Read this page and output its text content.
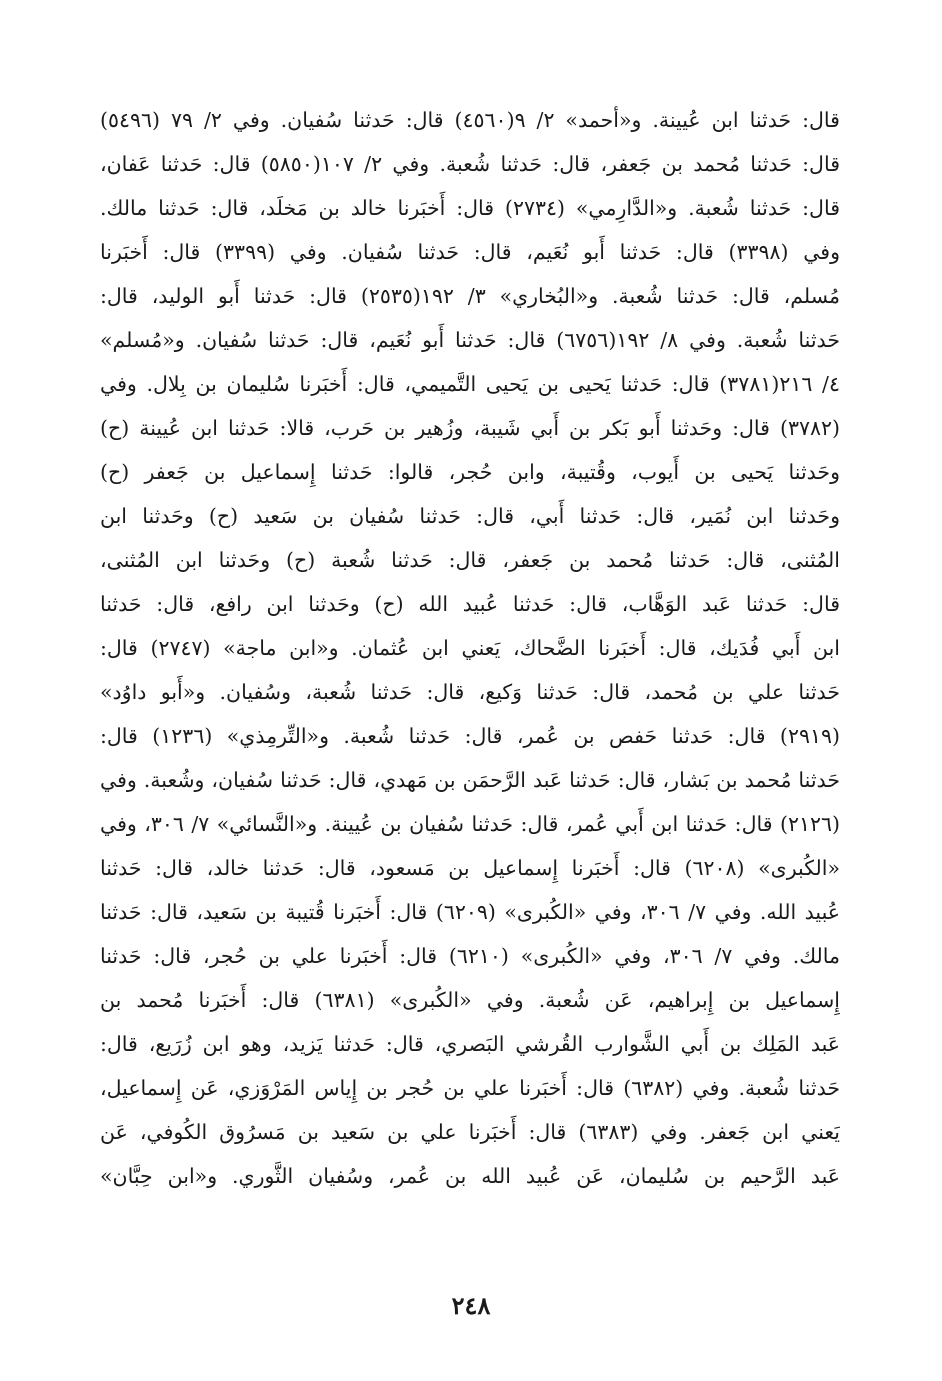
قال: حَدثنا ابن عُيينة. و«أحمد» ٢/ ٩(٤٥٦٠) قال: حَدثنا سُفيان. وفي ٢/ ٧٩ (٥٤٩٦)
قال: حَدثنا مُحمد بن جَعفر، قال: حَدثنا شُعبة. وفي ٢/ ١٠٧(٥٨٥٠) قال: حَدثنا عَفان،
قال: حَدثنا شُعبة. و«الدَّارِمي» (٢٧٣٤) قال: أَخبَرنا خالد بن مَخلَد، قال: حَدثنا مالك.
وفي (٣٣٩٨) قال: حَدثنا أَبو نُعَيم، قال: حَدثنا سُفيان. وفي (٣٣٩٩) قال: أَخبَرنا
مُسلم، قال: حَدثنا شُعبة. و«البُخاري» ٣/ ١٩٢(٢٥٣٥) قال: حَدثنا أَبو الوليد، قال:
حَدثنا شُعبة. وفي ٨/ ١٩٢(٦٧٥٦) قال: حَدثنا أَبو نُعَيم، قال: حَدثنا سُفيان. و«مُسلم»
٤/ ٢١٦(٣٧٨١) قال: حَدثنا يَحيى بن يَحيى التَّميمي، قال: أَخبَرنا سُليمان بن بِلال. وفي
(٣٧٨٢) قال: وحَدثنا أَبو بَكر بن أَبي شَيبة، وزُهير بن حَرب، قالا: حَدثنا ابن عُيينة (ح)
وحَدثنا يَحيى بن أَيوب، وقُتيبة، وابن حُجر، قالوا: حَدثنا إِسماعيل بن جَعفر (ح)
وحَدثنا ابن نُمَير، قال: حَدثنا أَبي، قال: حَدثنا سُفيان بن سَعيد (ح) وحَدثنا ابن
المُثنى، قال: حَدثنا مُحمد بن جَعفر، قال: حَدثنا شُعبة (ح) وحَدثنا ابن المُثنى،
قال: حَدثنا عَبد الوَهَّاب، قال: حَدثنا عُبيد الله (ح) وحَدثنا ابن رافع، قال: حَدثنا
ابن أَبي فُدَيك، قال: أَخبَرنا الضَّحاك، يَعني ابن عُثمان. و«ابن ماجة» (٢٧٤٧) قال:
حَدثنا علي بن مُحمد، قال: حَدثنا وَكيع، قال: حَدثنا شُعبة، وسُفيان. و«أَبو داوُد»
(٢٩١٩) قال: حَدثنا حَفص بن عُمر، قال: حَدثنا شُعبة. و«التِّرمِذي» (١٢٣٦) قال:
حَدثنا مُحمد بن بَشار، قال: حَدثنا عَبد الرَّحمَن بن مَهدي، قال: حَدثنا سُفيان، وشُعبة. وفي
(٢١٢٦) قال: حَدثنا ابن أَبي عُمر، قال: حَدثنا سُفيان بن عُيينة. و«النَّسائي» ٧/ ٣٠٦، وفي
«الكُبرى» (٦٢٠٨) قال: أَخبَرنا إِسماعيل بن مَسعود، قال: حَدثنا خالد، قال: حَدثنا
عُبيد الله. وفي ٧/ ٣٠٦، وفي «الكُبرى» (٦٢٠٩) قال: أَخبَرنا قُتيبة بن سَعيد، قال: حَدثنا
مالك. وفي ٧/ ٣٠٦، وفي «الكُبرى» (٦٢١٠) قال: أَخبَرنا علي بن حُجر، قال: حَدثنا
إِسماعيل بن إِبراهيم، عَن شُعبة. وفي «الكُبرى» (٦٣٨١) قال: أَخبَرنا مُحمد بن
عَبد المَلِك بن أَبي الشَّوارب القُرشي البَصري، قال: حَدثنا يَزيد، وهو ابن زُرَيع، قال:
حَدثنا شُعبة. وفي (٦٣٨٢) قال: أَخبَرنا علي بن حُجر بن إِياس المَرْوَزي، عَن إِسماعيل،
يَعني ابن جَعفر. وفي (٦٣٨٣) قال: أَخبَرنا علي بن سَعيد بن مَسرُوق الكُوفي، عَن
عَبد الرَّحيم بن سُليمان، عَن عُبيد الله بن عُمر، وسُفيان الثَّوري. و«ابن حِبَّان»
٢٤٨
